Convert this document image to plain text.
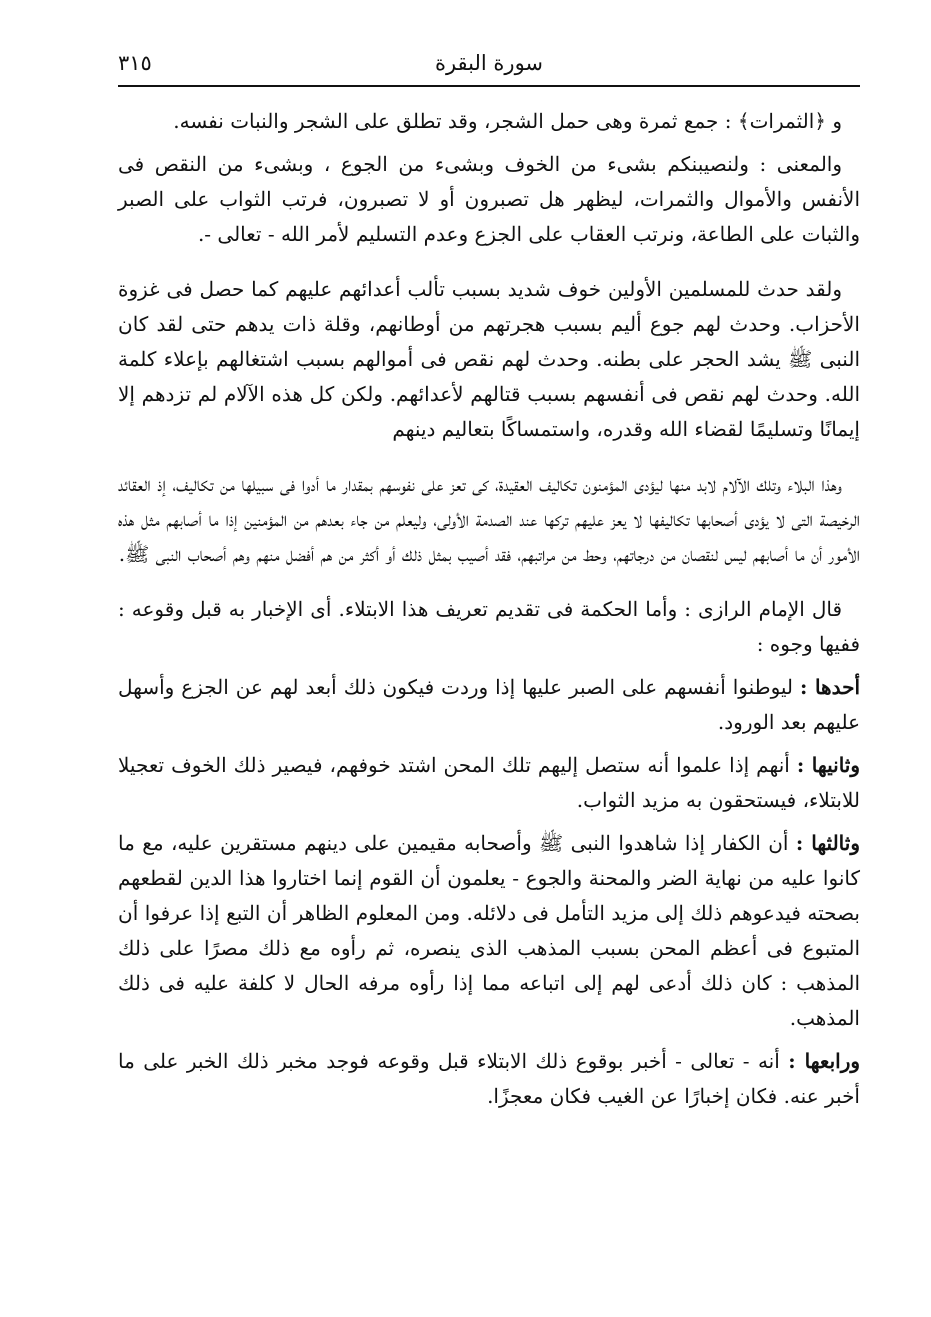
سورة البقرة
٣١٥

و ﴿الثمرات﴾ : جمع ثمرة وهى حمل الشجر، وقد تطلق على الشجر والنبات نفسه.

والمعنى : ولنصيبنكم بشىء من الخوف وبشىء من الجوع ، وبشىء من النقص فى الأنفس والأموال والثمرات، ليظهر هل تصبرون أو لا تصبرون، فرتب الثواب على الصبر والثبات على الطاعة، ونرتب العقاب على الجزع وعدم التسليم لأمر الله - تعالى -.

ولقد حدث للمسلمين الأولين خوف شديد بسبب تألب أعدائهم عليهم كما حصل فى غزوة الأحزاب. وحدث لهم جوع أليم بسبب هجرتهم من أوطانهم، وقلة ذات يدهم حتى لقد كان النبى ﷺ يشد الحجر على بطنه. وحدث لهم نقص فى أموالهم بسبب اشتغالهم بإعلاء كلمة الله. وحدث لهم نقص فى أنفسهم بسبب قتالهم لأعدائهم. ولكن كل هذه الآلام لم تزدهم إلا إيمانًا وتسليمًا لقضاء الله وقدره، واستمساكًا بتعاليم دينهم

وهذا البلاء وتلك الآلام لابد منها ليؤدى المؤمنون تكاليف العقيدة، كى تعز على نفوسهم بمقدار ما أدوا فى سبيلها من تكاليف، إذ العقائد الرخيصة التى لا يؤدى أصحابها تكاليفها لا يعز عليهم تركها عند الصدمة الأولى، وليعلم من جاء بعدهم من المؤمنين إذا ما أصابهم مثل هذه الأمور أن ما أصابهم ليس لنقصان من درجاتهم، وحط من مراتبهم، فقد أصيب بمثل ذلك أو أكثر من هم أفضل منهم وهم أصحاب النبى ﷺ.

قال الإمام الرازى : وأما الحكمة فى تقديم تعريف هذا الابتلاء. أى الإخبار به قبل وقوعه : ففيها وجوه :

أحدها : ليوطنوا أنفسهم على الصبر عليها إذا وردت فيكون ذلك أبعد لهم عن الجزع وأسهل عليهم بعد الورود.

وثانيها : أنهم إذا علموا أنه ستصل إليهم تلك المحن اشتد خوفهم، فيصير ذلك الخوف تعجيلا للابتلاء، فيستحقون به مزيد الثواب.

وثالثها : أن الكفار إذا شاهدوا النبى ﷺ وأصحابه مقيمين على دينهم مستقرين عليه، مع ما كانوا عليه من نهاية الضر والمحنة والجوع - يعلمون أن القوم إنما اختاروا هذا الدين لقطعهم بصحته فيدعوهم ذلك إلى مزيد التأمل فى دلائله. ومن المعلوم الظاهر أن التبع إذا عرفوا أن المتبوع فى أعظم المحن بسبب المذهب الذى ينصره، ثم رأوه مع ذلك مصرًا على ذلك المذهب : كان ذلك أدعى لهم إلى اتباعه مما إذا رأوه مرفه الحال لا كلفة عليه فى ذلك المذهب.

ورابعها : أنه - تعالى - أخبر بوقوع ذلك الابتلاء قبل وقوعه فوجد مخبر ذلك الخبر على ما أخبر عنه. فكان إخبارًا عن الغيب فكان معجزًا.
